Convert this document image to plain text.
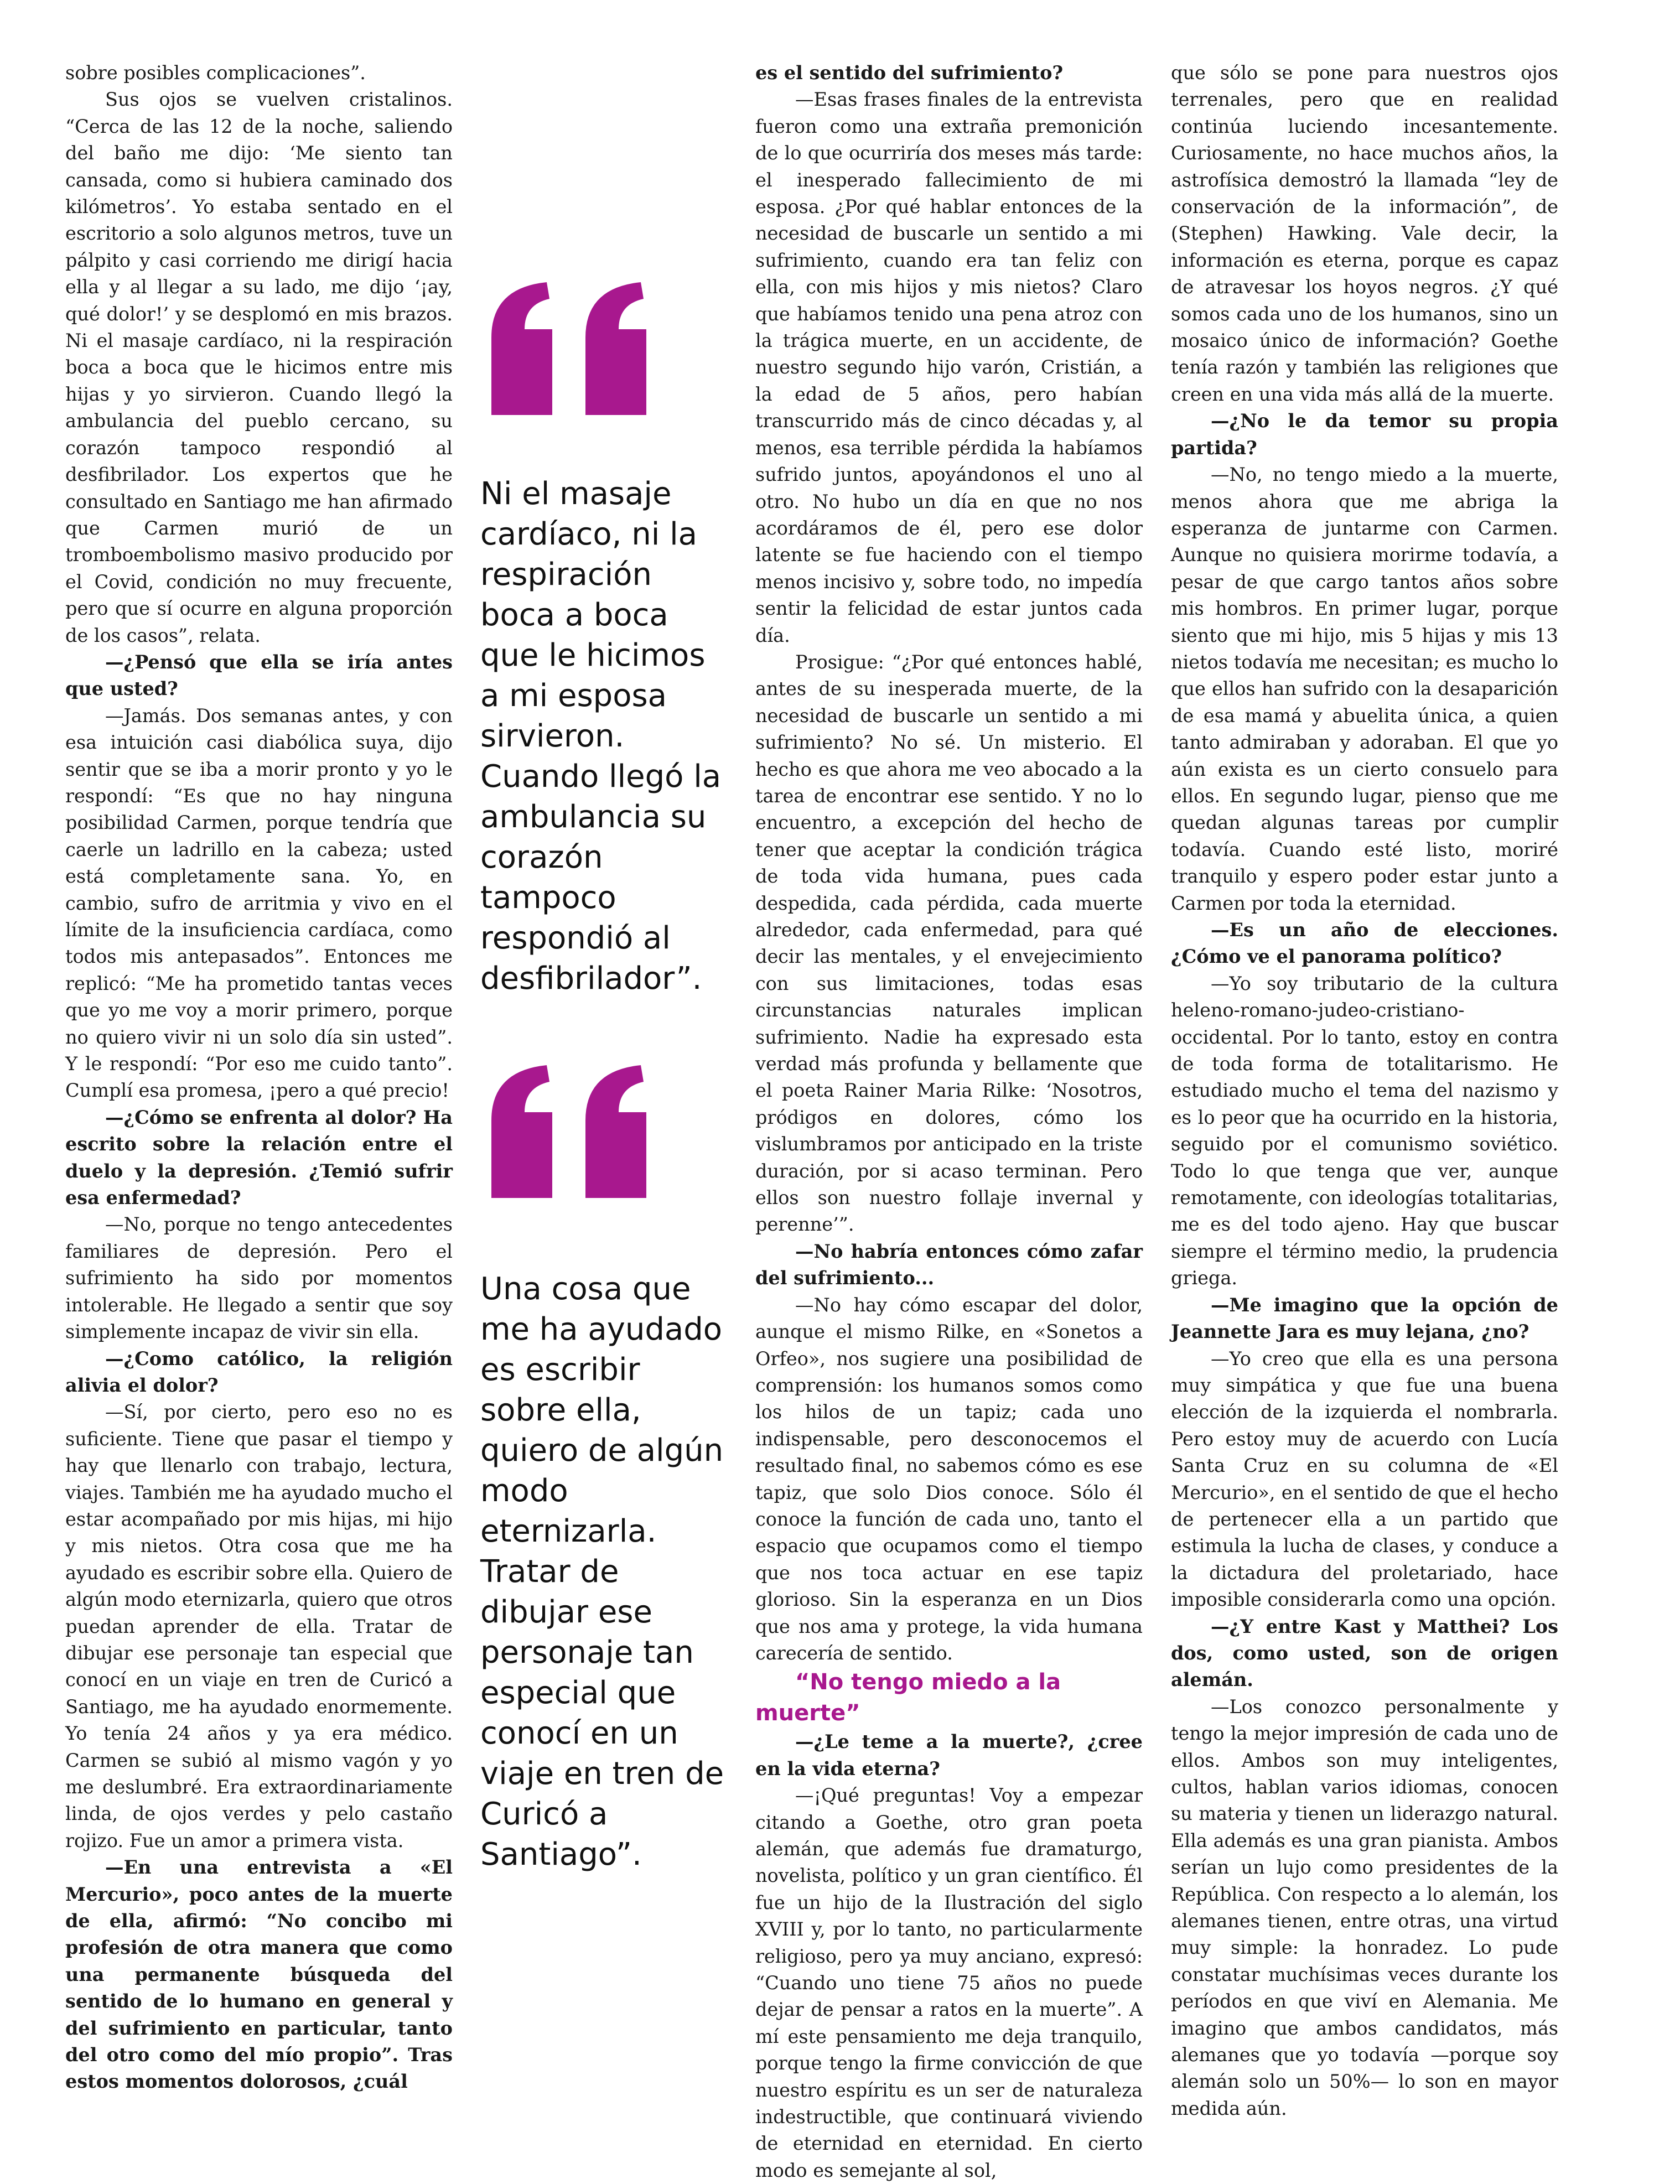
sobre posibles complicaciones”.

Sus ojos se vuelven cristalinos. “Cerca de las 12 de la noche, saliendo del baño me dijo: ‘Me siento tan cansada, como si hubiera caminado dos kilómetros’. Yo estaba sentado en el escritorio a solo algunos metros, tuve un pálpito y casi corriendo me dirigí hacia ella y al llegar a su lado, me dijo ‘¡ay, qué dolor!’ y se desplomó en mis brazos. Ni el masaje cardíaco, ni la respiración boca a boca que le hicimos entre mis hijas y yo sirvieron. Cuando llegó la ambulancia del pueblo cercano, su corazón tampoco respondió al desfibrilador. Los expertos que he consultado en Santiago me han afirmado que Carmen murió de un tromboembolismo masivo producido por el Covid, condición no muy frecuente, pero que sí ocurre en alguna proporción de los casos”, relata.

—¿Pensó que ella se iría antes que usted?

—Jamás. Dos semanas antes, y con esa intuición casi diabólica suya, dijo sentir que se iba a morir pronto y yo le respondí: “Es que no hay ninguna posibilidad Carmen, porque tendría que caerle un ladrillo en la cabeza; usted está completamente sana. Yo, en cambio, sufro de arritmia y vivo en el límite de la insuficiencia cardíaca, como todos mis antepasados”. Entonces me replicó: “Me ha prometido tantas veces que yo me voy a morir primero, porque no quiero vivir ni un solo día sin usted”. Y le respondí: “Por eso me cuido tanto”. Cumplí esa promesa, ¡pero a qué precio!

—¿Cómo se enfrenta al dolor? Ha escrito sobre la relación entre el duelo y la depresión. ¿Temió sufrir esa enfermedad?

—No, porque no tengo antecedentes familiares de depresión. Pero el sufrimiento ha sido por momentos intolerable. He llegado a sentir que soy simplemente incapaz de vivir sin ella.

—¿Como católico, la religión alivia el dolor?

—Sí, por cierto, pero eso no es suficiente. Tiene que pasar el tiempo y hay que llenarlo con trabajo, lectura, viajes. También me ha ayudado mucho el estar acompañado por mis hijas, mi hijo y mis nietos. Otra cosa que me ha ayudado es escribir sobre ella. Quiero de algún modo eternizarla, quiero que otros puedan aprender de ella. Tratar de dibujar ese personaje tan especial que conocí en un viaje en tren de Curicó a Santiago, me ha ayudado enormemente. Yo tenía 24 años y ya era médico. Carmen se subió al mismo vagón y yo me deslumbré. Era extraordinariamente linda, de ojos verdes y pelo castaño rojizo. Fue un amor a primera vista.

—En una entrevista a «El Mercurio», poco antes de la muerte de ella, afirmó: “No concibo mi profesión de otra manera que como una permanente búsqueda del sentido de lo humano en general y del sufrimiento en particular, tanto del otro como del mío propio”. Tras estos momentos dolorosos, ¿cuál

Ni el masaje cardíaco, ni la respiración boca a boca que le hicimos a mi esposa sirvieron. Cuando llegó la ambulancia su corazón tampoco respondió al desfibrilador”.

Una cosa que me ha ayudado es escribir sobre ella, quiero de algún modo eternizarla. Tratar de dibujar ese personaje tan especial que conocí en un viaje en tren de Curicó a Santiago”.

es el sentido del sufrimiento?

—Esas frases finales de la entrevista fueron como una extraña premonición de lo que ocurriría dos meses más tarde: el inesperado fallecimiento de mi esposa. ¿Por qué hablar entonces de la necesidad de buscarle un sentido a mi sufrimiento, cuando era tan feliz con ella, con mis hijos y mis nietos? Claro que habíamos tenido una pena atroz con la trágica muerte, en un accidente, de nuestro segundo hijo varón, Cristián, a la edad de 5 años, pero habían transcurrido más de cinco décadas y, al menos, esa terrible pérdida la habíamos sufrido juntos, apoyándonos el uno al otro. No hubo un día en que no nos acordáramos de él, pero ese dolor latente se fue haciendo con el tiempo menos incisivo y, sobre todo, no impedía sentir la felicidad de estar juntos cada día.

Prosigue: “¿Por qué entonces hablé, antes de su inesperada muerte, de la necesidad de buscarle un sentido a mi sufrimiento? No sé. Un misterio. El hecho es que ahora me veo abocado a la tarea de encontrar ese sentido. Y no lo encuentro, a excepción del hecho de tener que aceptar la condición trágica de toda vida humana, pues cada despedida, cada pérdida, cada muerte alrededor, cada enfermedad, para qué decir las mentales, y el envejecimiento con sus limitaciones, todas esas circunstancias naturales implican sufrimiento. Nadie ha expresado esta verdad más profunda y bellamente que el poeta Rainer Maria Rilke: ‘Nosotros, pródigos en dolores, cómo los vislumbramos por anticipado en la triste duración, por si acaso terminan. Pero ellos son nuestro follaje invernal y perenne’”.

—No habría entonces cómo zafar del sufrimiento...

—No hay cómo escapar del dolor, aunque el mismo Rilke, en «Sonetos a Orfeo», nos sugiere una posibilidad de comprensión: los humanos somos como los hilos de un tapiz; cada uno indispensable, pero desconocemos el resultado final, no sabemos cómo es ese tapiz, que solo Dios conoce. Sólo él conoce la función de cada uno, tanto el espacio que ocupamos como el tiempo que nos toca actuar en ese tapiz glorioso. Sin la esperanza en un Dios que nos ama y protege, la vida humana carecería de sentido.

“No tengo miedo a la muerte”

—¿Le teme a la muerte?, ¿cree en la vida eterna?

—¡Qué preguntas! Voy a empezar citando a Goethe, otro gran poeta alemán, que además fue dramaturgo, novelista, político y un gran científico. Él fue un hijo de la Ilustración del siglo XVIII y, por lo tanto, no particularmente religioso, pero ya muy anciano, expresó: “Cuando uno tiene 75 años no puede dejar de pensar a ratos en la muerte”. A mí este pensamiento me deja tranquilo, porque tengo la firme convicción de que nuestro espíritu es un ser de naturaleza indestructible, que continuará viviendo de eternidad en eternidad. En cierto modo es semejante al sol,

que sólo se pone para nuestros ojos terrenales, pero que en realidad continúa luciendo incesantemente. Curiosamente, no hace muchos años, la astrofísica demostró la llamada “ley de conservación de la información”, de (Stephen) Hawking. Vale decir, la información es eterna, porque es capaz de atravesar los hoyos negros. ¿Y qué somos cada uno de los humanos, sino un mosaico único de información? Goethe tenía razón y también las religiones que creen en una vida más allá de la muerte.

—¿No le da temor su propia partida?

—No, no tengo miedo a la muerte, menos ahora que me abriga la esperanza de juntarme con Carmen. Aunque no quisiera morirme todavía, a pesar de que cargo tantos años sobre mis hombros. En primer lugar, porque siento que mi hijo, mis 5 hijas y mis 13 nietos todavía me necesitan; es mucho lo que ellos han sufrido con la desaparición de esa mamá y abuelita única, a quien tanto admiraban y adoraban. El que yo aún exista es un cierto consuelo para ellos. En segundo lugar, pienso que me quedan algunas tareas por cumplir todavía. Cuando esté listo, moriré tranquilo y espero poder estar junto a Carmen por toda la eternidad.

—Es un año de elecciones. ¿Cómo ve el panorama político?

—Yo soy tributario de la cultura heleno-romano-judeo-cristiano-occidental. Por lo tanto, estoy en contra de toda forma de totalitarismo. He estudiado mucho el tema del nazismo y es lo peor que ha ocurrido en la historia, seguido por el comunismo soviético. Todo lo que tenga que ver, aunque remotamente, con ideologías totalitarias, me es del todo ajeno. Hay que buscar siempre el término medio, la prudencia griega.

—Me imagino que la opción de Jeannette Jara es muy lejana, ¿no?

—Yo creo que ella es una persona muy simpática y que fue una buena elección de la izquierda el nombrarla. Pero estoy muy de acuerdo con Lucía Santa Cruz en su columna de «El Mercurio», en el sentido de que el hecho de pertenecer ella a un partido que estimula la lucha de clases, y conduce a la dictadura del proletariado, hace imposible considerarla como una opción.

—¿Y entre Kast y Matthei? Los dos, como usted, son de origen alemán.

—Los conozco personalmente y tengo la mejor impresión de cada uno de ellos. Ambos son muy inteligentes, cultos, hablan varios idiomas, conocen su materia y tienen un liderazgo natural. Ella además es una gran pianista. Ambos serían un lujo como presidentes de la República. Con respecto a lo alemán, los alemanes tienen, entre otras, una virtud muy simple: la honradez. Lo pude constatar muchísimas veces durante los períodos en que viví en Alemania. Me imagino que ambos candidatos, más alemanes que yo todavía —porque soy alemán solo un 50%— lo son en mayor medida aún.
